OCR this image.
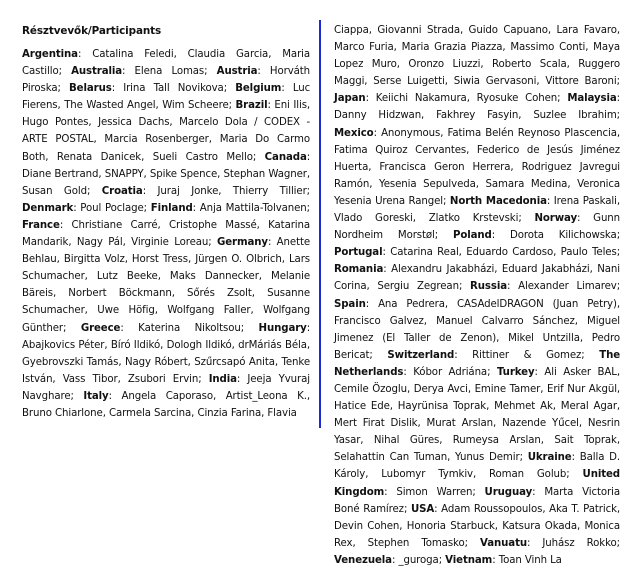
Résztvevők/Participants

Argentina: Catalina Feledi, Claudia Garcia, Maria Castillo; Australia: Elena Lomas; Austria: Horváth Piroska; Belarus: Irina Tall Novikova; Belgium: Luc Fierens, The Wasted Angel, Wim Scheere; Brazil: Eni Ilis, Hugo Pontes, Jessica Dachs, Marcelo Dola / CODEX - ARTE POSTAL, Marcia Rosenberger, Maria Do Carmo Both, Renata Danicek, Sueli Castro Mello; Canada: Diane Bertrand, SNAPPY, Spike Spence, Stephan Wagner, Susan Gold; Croatia: Juraj Jonke, Thierry Tillier; Denmark: Poul Poclage; Finland: Anja Mattila-Tolvanen; France: Christiane Carré, Cristophe Massé, Katarina Mandarik, Nagy Pál, Virginie Loreau; Germany: Anette Behlau, Birgitta Volz, Horst Tress, Jürgen O. Olbrich, Lars Schumacher, Lutz Beeke, Maks Dannecker, Melanie Bäreis, Norbert Böckmann, Sőrés Zsolt, Susanne Schumacher, Uwe Höfig, Wolfgang Faller, Wolfgang Günther; Greece: Katerina Nikoltsou; Hungary: Abajkovics Péter, Bíró Ildikó, Dologh Ildikó, drMáriás Béla, Gyebrovszki Tamás, Nagy Róbert, Szűrcsapó Anita, Tenke István, Vass Tibor, Zsubori Ervin; India: Jeeja Yvuraj Navghare; Italy: Angela Caporaso, Artist_Leona K., Bruno Chiarlone, Carmela Sarcina, Cinzia Farina, Flavia

Ciappa, Giovanni Strada, Guido Capuano, Lara Favaro, Marco Furia, Maria Grazia Piazza, Massimo Conti, Maya Lopez Muro, Oronzo Liuzzi, Roberto Scala, Ruggero Maggi, Serse Luigetti, Siwia Gervasoni, Vittore Baroni; Japan: Keiichi Nakamura, Ryosuke Cohen; Malaysia: Danny Hidzwan, Fakhrey Fasyin, Suzlee Ibrahim; Mexico: Anonymous, Fatima Belén Reynoso Plascencia, Fatima Quiroz Cervantes, Federico de Jesús Jiménez Huerta, Francisca Geron Herrera, Rodriguez Javregui Ramón, Yesenia Sepulveda, Samara Medina, Veronica Yesenia Urena Rangel; North Macedonia: Irena Paskali, Vlado Goreski, Zlatko Krstevski; Norway: Gunn Nordheim Morstøl; Poland: Dorota Kilichowska; Portugal: Catarina Real, Eduardo Cardoso, Paulo Teles; Romania: Alexandru Jakabházi, Eduard Jakabházi, Nani Corina, Sergiu Zegrean; Russia: Alexander Limarev; Spain: Ana Pedrera, CASAdelDRAGON (Juan Petry), Francisco Galvez, Manuel Calvarro Sánchez, Miguel Jimenez (El Taller de Zenon), Mikel Untzilla, Pedro Bericat; Switzerland: Rittiner & Gomez; The Netherlands: Kóbor Adriána; Turkey: Ali Asker BAL, Cemile Özoglu, Derya Avci, Emine Tamer, Erif Nur Akgül, Hatice Ede, Hayrünisa Toprak, Mehmet Ak, Meral Agar, Mert Firat Dislik, Murat Arslan, Nazende Yűcel, Nesrin Yasar, Nihal Güres, Rumeysa Arslan, Sait Toprak, Selahattin Can Tuman, Yunus Demir; Ukraine: Balla D. Károly, Lubomyr Tymkiv, Roman Golub; United Kingdom: Simon Warren; Uruguay: Marta Victoria Boné Ramírez; USA: Adam Roussopoulos, Aka T. Patrick, Devin Cohen, Honoria Starbuck, Katsura Okada, Monica Rex, Stephen Tomasko; Vanuatu: Juhász Rokko; Venezuela: _guroga; Vietnam: Toan Vinh La
